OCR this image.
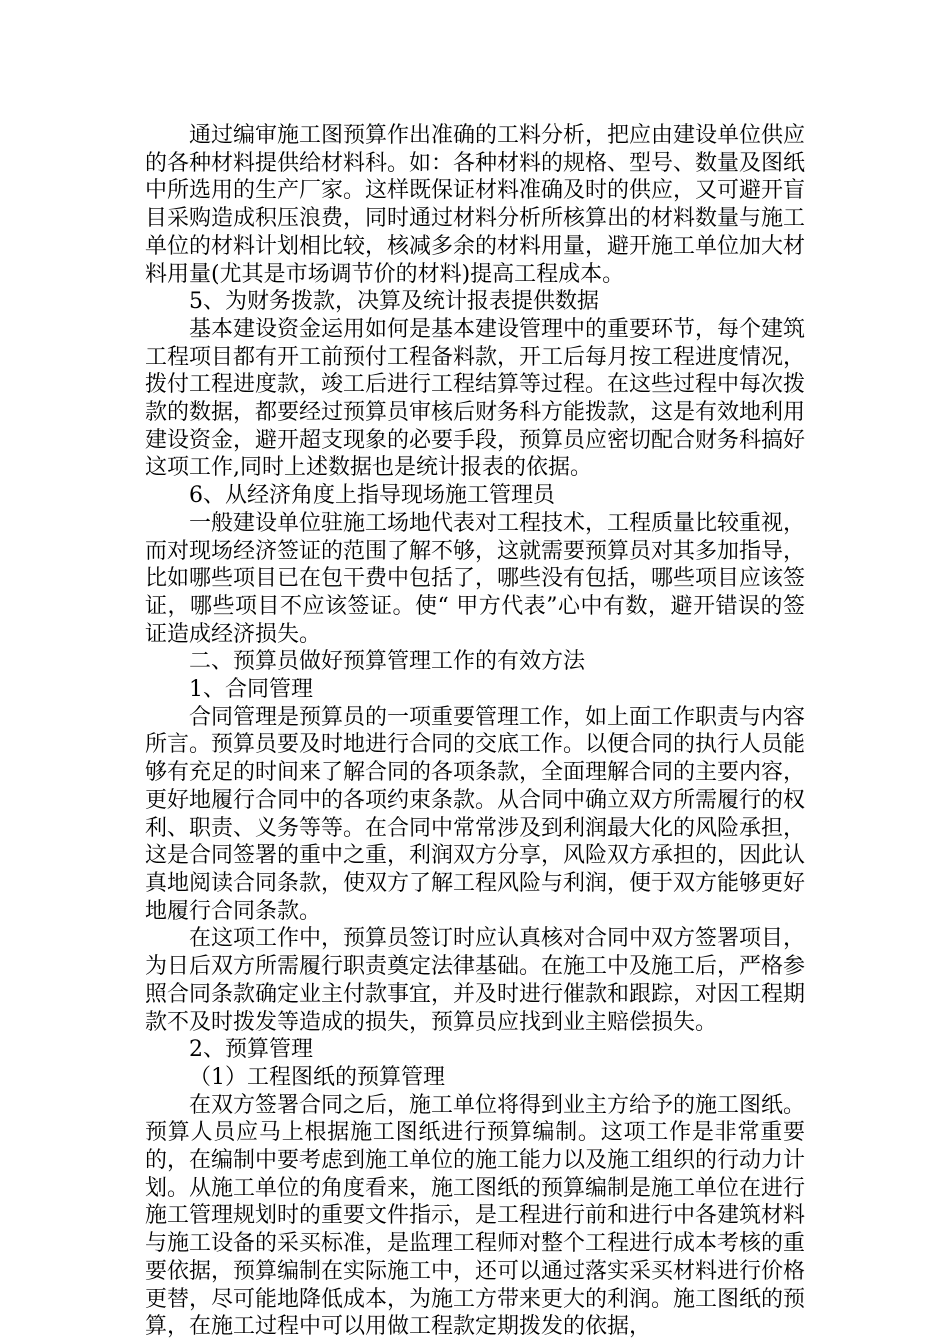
通过编审施工图预算作出准确的工料分析，把应由建设单位供应的各种材料提供给材料科。如：各种材料的规格、型号、数量及图纸中所选用的生产厂家。这样既保证材料准确及时的供应，又可避开盲目采购造成积压浪费，同时通过材料分析所核算出的材料数量与施工单位的材料计划相比较，核减多余的材料用量，避开施工单位加大材料用量(尤其是市场调节价的材料)提高工程成本。

5、为财务拨款，决算及统计报表提供数据

基本建设资金运用如何是基本建设管理中的重要环节，每个建筑工程项目都有开工前预付工程备料款，开工后每月按工程进度情况，拨付工程进度款，竣工后进行工程结算等过程。在这些过程中每次拨款的数据，都要经过预算员审核后财务科方能拨款，这是有效地利用建设资金，避开超支现象的必要手段，预算员应密切配合财务科搞好这项工作,同时上述数据也是统计报表的依据。

6、从经济角度上指导现场施工管理员

一般建设单位驻施工场地代表对工程技术，工程质量比较重视，而对现场经济签证的范围了解不够，这就需要预算员对其多加指导，比如哪些项目已在包干费中包括了，哪些没有包括，哪些项目应该签证，哪些项目不应该签证。使“ 甲方代表”心中有数，避开错误的签证造成经济损失。

二、预算员做好预算管理工作的有效方法

1、合同管理

合同管理是预算员的一项重要管理工作，如上面工作职责与内容所言。预算员要及时地进行合同的交底工作。以便合同的执行人员能够有充足的时间来了解合同的各项条款，全面理解合同的主要内容，更好地履行合同中的各项约束条款。从合同中确立双方所需履行的权利、职责、义务等等。在合同中常常涉及到利润最大化的风险承担，这是合同签署的重中之重，利润双方分享，风险双方承担的，因此认真地阅读合同条款，使双方了解工程风险与利润，便于双方能够更好地履行合同条款。

在这项工作中，预算员签订时应认真核对合同中双方签署项目，为日后双方所需履行职责奠定法律基础。在施工中及施工后，严格参照合同条款确定业主付款事宜，并及时进行催款和跟踪，对因工程期款不及时拨发等造成的损失，预算员应找到业主赔偿损失。

2、预算管理

（1）工程图纸的预算管理

在双方签署合同之后，施工单位将得到业主方给予的施工图纸。预算人员应马上根据施工图纸进行预算编制。这项工作是非常重要的，在编制中要考虑到施工单位的施工能力以及施工组织的行动力计划。从施工单位的角度看来，施工图纸的预算编制是施工单位在进行施工管理规划时的重要文件指示，是工程进行前和进行中各建筑材料与施工设备的采买标准，是监理工程师对整个工程进行成本考核的重要依据，预算编制在实际施工中，还可以通过落实采买材料进行价格更替，尽可能地降低成本，为施工方带来更大的利润。施工图纸的预算，在施工过程中可以用做工程款定期拨发的依据，
